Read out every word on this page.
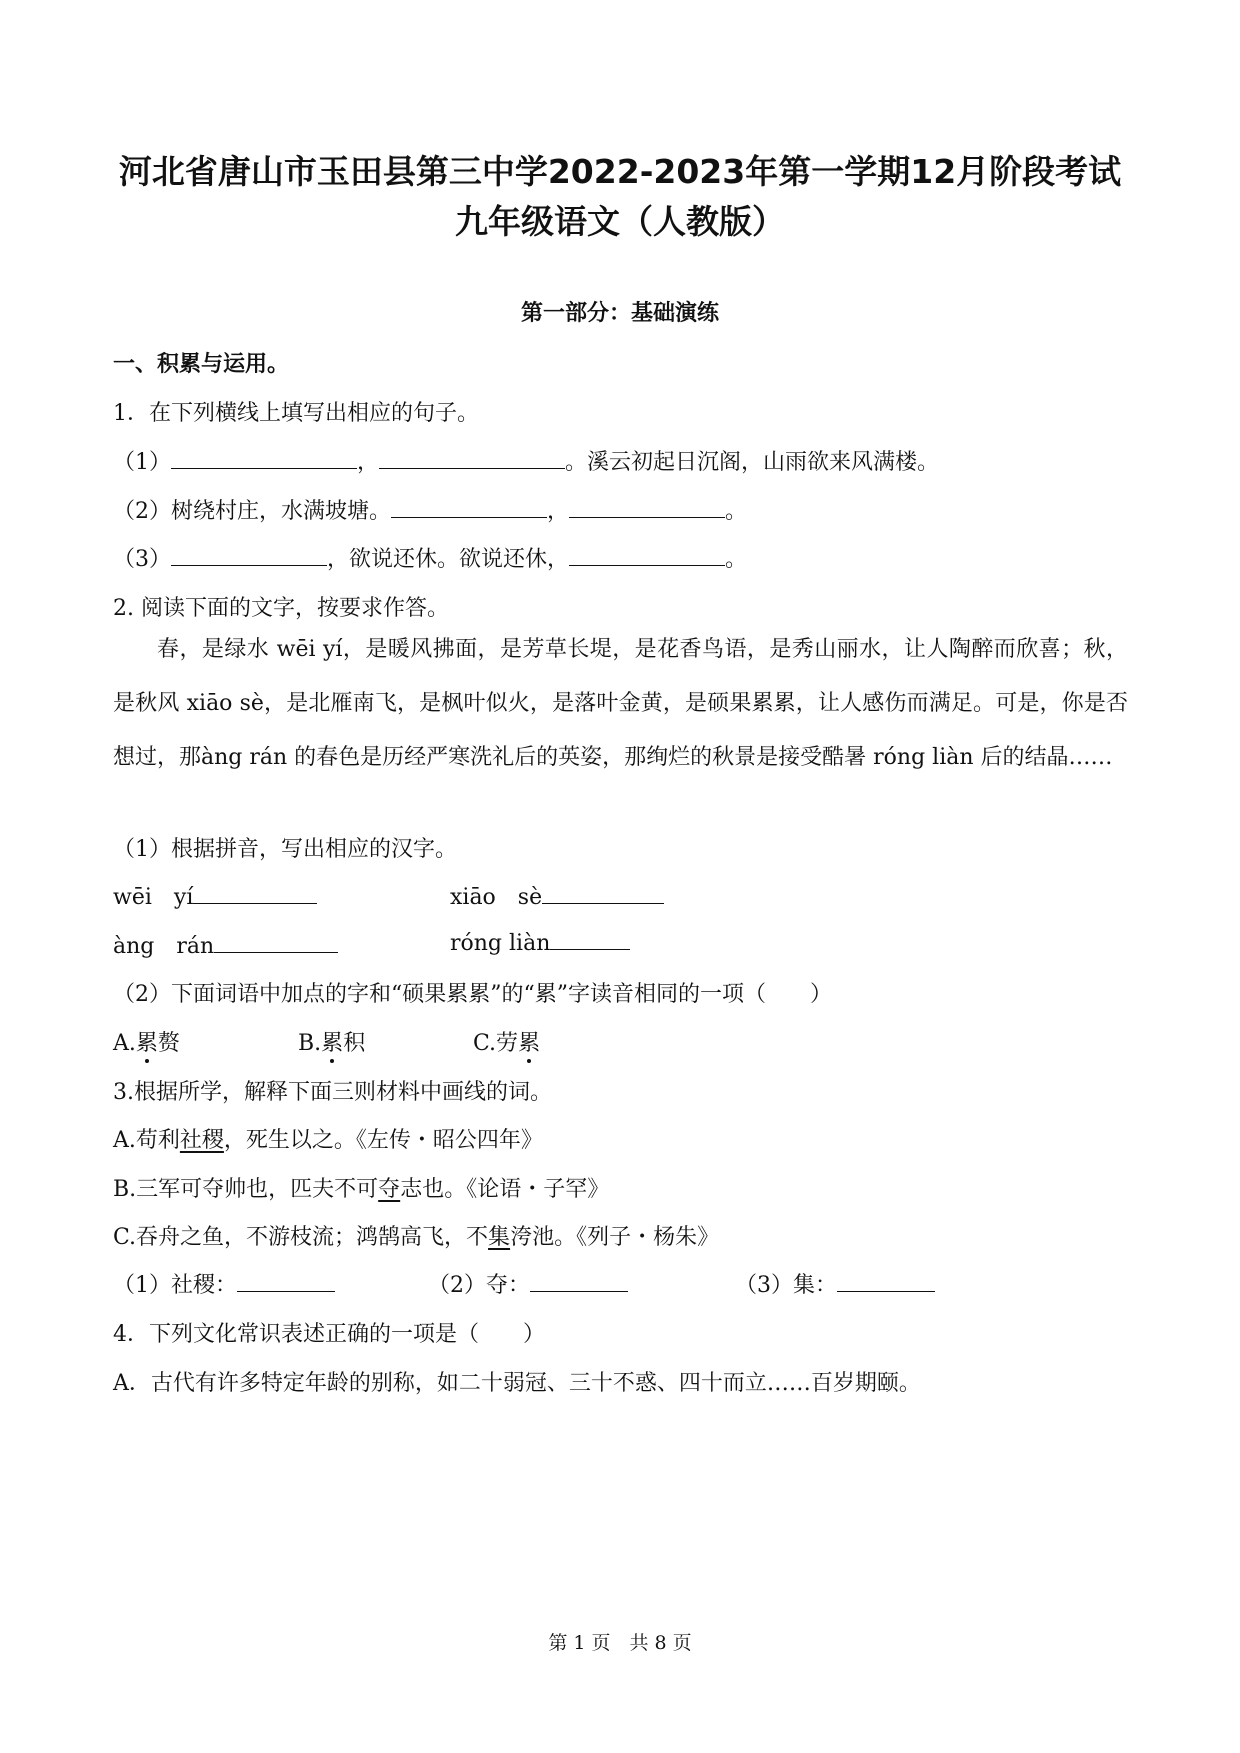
河北省唐山市玉田县第三中学2022-2023年第一学期12月阶段考试
九年级语文（人教版）
第一部分：基础演练
一、积累与运用。
1．在下列横线上填写出相应的句子。
（1）	，	。溪云初起日沉阁，山雨欲来风满楼。
（2）树绕村庄，水满坡塘。	，	。
（3）	，欲说还休。欲说还休，	。
2. 阅读下面的文字，按要求作答。

春，是绿水 wēi yí，是暖风拂面，是芳草长堤，是花香鸟语，是秀山丽水，让人陶醉而欣喜；秋，是秋风 xiāo sè，是北雁南飞，是枫叶似火，是落叶金黄，是硕果累累，让人感伤而满足。可是，你是否想过，那àng rán 的春色是历经严寒洗礼后的英姿，那绚烂的秋景是接受酷暑 róng liàn 后的结晶……

（1）根据拼音，写出相应的汉字。
wēi　yí	xiāo　sè
àng　rán	róng liàn
（2）下面词语中加点的字和“硕果累累”的“累”字读音相同的一项（　　）
A.累赘	B.累积	C.劳累
3.根据所学，解释下面三则材料中画线的词。
A.苟利社稷，死生以之。《左传・昭公四年》
B.三军可夺帅也，匹夫不可夺志也。《论语・子罕》
C.吞舟之鱼，不游枝流；鸿鹄高飞，不集洿池。《列子・杨朱》
（1）社稷：	（2）夺：	（3）集：
4．下列文化常识表述正确的一项是（　　）
A．古代有许多特定年龄的别称，如二十弱冠、三十不惑、四十而立……百岁期颐。
第 1 页　共 8 页
